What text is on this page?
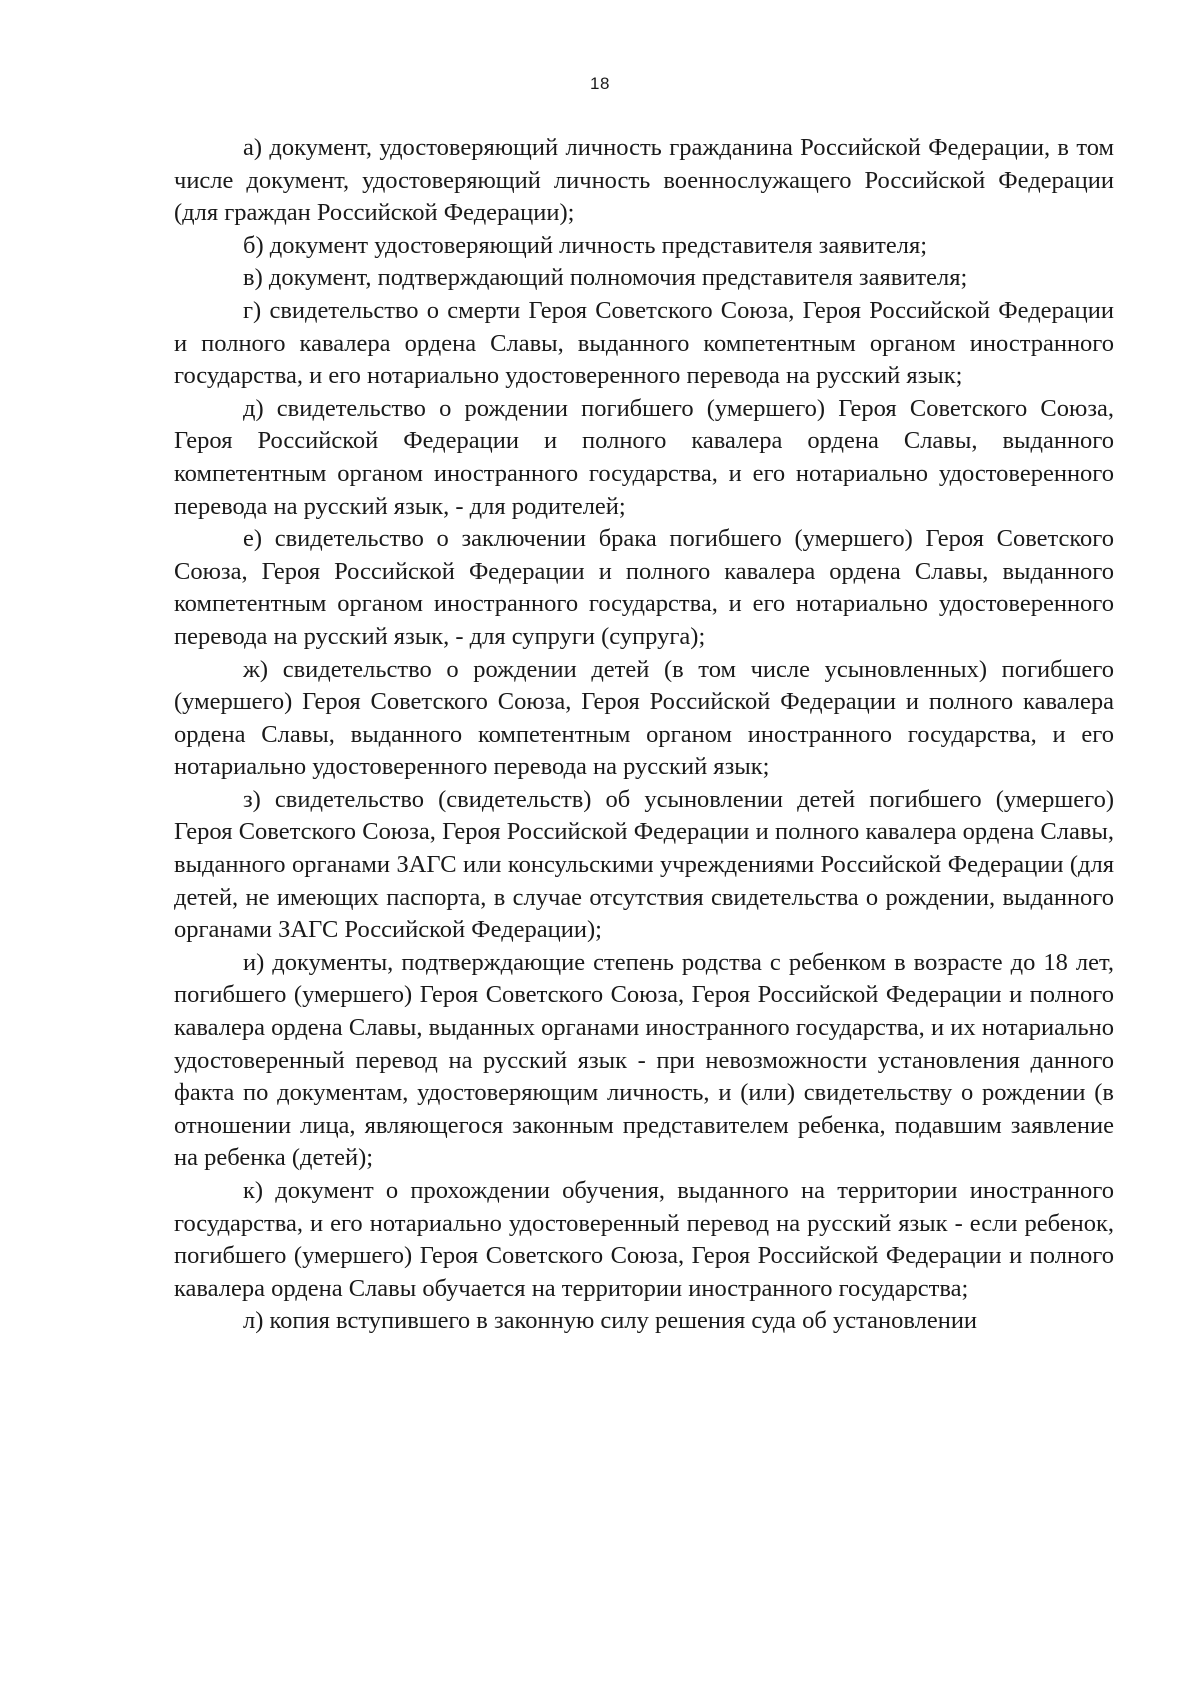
18

а) документ, удостоверяющий личность гражданина Российской Федерации, в том числе документ, удостоверяющий личность военнослужащего Российской Федерации (для граждан Российской Федерации);

б) документ удостоверяющий личность представителя заявителя;

в) документ, подтверждающий полномочия представителя заявителя;

г) свидетельство о смерти Героя Советского Союза, Героя Российской Федерации и полного кавалера ордена Славы, выданного компетентным органом иностранного государства, и его нотариально удостоверенного перевода на русский язык;

д) свидетельство о рождении погибшего (умершего) Героя Советского Союза, Героя Российской Федерации и полного кавалера ордена Славы, выданного компетентным органом иностранного государства, и его нотариально удостоверенного перевода на русский язык, - для родителей;

е) свидетельство о заключении брака погибшего (умершего) Героя Советского Союза, Героя Российской Федерации и полного кавалера ордена Славы, выданного компетентным органом иностранного государства, и его нотариально удостоверенного перевода на русский язык, - для супруги (супруга);

ж) свидетельство о рождении детей (в том числе усыновленных) погибшего (умершего) Героя Советского Союза, Героя Российской Федерации и полного кавалера ордена Славы, выданного компетентным органом иностранного государства, и его нотариально удостоверенного перевода на русский язык;

з) свидетельство (свидетельств) об усыновлении детей погибшего (умершего) Героя Советского Союза, Героя Российской Федерации и полного кавалера ордена Славы, выданного органами ЗАГС или консульскими учреждениями Российской Федерации (для детей, не имеющих паспорта, в случае отсутствия свидетельства о рождении, выданного органами ЗАГС Российской Федерации);

и) документы, подтверждающие степень родства с ребенком в возрасте до 18 лет, погибшего (умершего) Героя Советского Союза, Героя Российской Федерации и полного кавалера ордена Славы, выданных органами иностранного государства, и их нотариально удостоверенный перевод на русский язык - при невозможности установления данного факта по документам, удостоверяющим личность, и (или) свидетельству о рождении (в отношении лица, являющегося законным представителем ребенка, подавшим заявление на ребенка (детей);

к) документ о прохождении обучения, выданного на территории иностранного государства, и его нотариально удостоверенный перевод на русский язык - если ребенок, погибшего (умершего) Героя Советского Союза, Героя Российской Федерации и полного кавалера ордена Славы обучается на территории иностранного государства;

л) копия вступившего в законную силу решения суда об установлении
